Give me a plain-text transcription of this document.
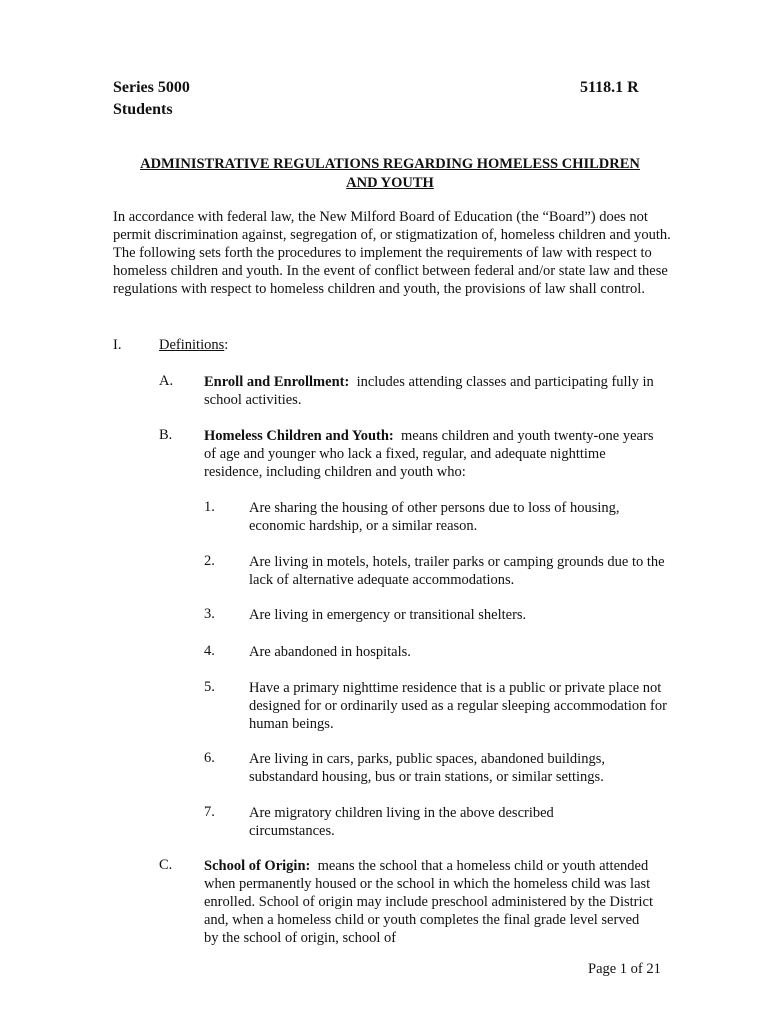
Series 5000
Students
5118.1 R
ADMINISTRATIVE REGULATIONS REGARDING HOMELESS CHILDREN
AND YOUTH

In accordance with federal law, the New Milford Board of Education (the “Board”) does not permit discrimination against, segregation of, or stigmatization of, homeless children and youth. The following sets forth the procedures to implement the requirements of law with respect to homeless children and youth. In the event of conflict between federal and/or state law and these regulations with respect to homeless children and youth, the provisions of law shall control.

I.	Definitions:
A. Enroll and Enrollment: includes attending classes and participating fully in school activities.

B. Homeless Children and Youth: means children and youth twenty-one years of age and younger who lack a fixed, regular, and adequate nighttime residence, including children and youth who:

1. Are sharing the housing of other persons due to loss of housing, economic hardship, or a similar reason.

2. Are living in motels, hotels, trailer parks or camping grounds due to the lack of alternative adequate accommodations.

3. Are living in emergency or transitional shelters.

4. Are abandoned in hospitals.

5. Have a primary nighttime residence that is a public or private place not designed for or ordinarily used as a regular sleeping accommodation for human beings.

6. Are living in cars, parks, public spaces, abandoned buildings, substandard housing, bus or train stations, or similar settings.

7. Are migratory children living in the above described circumstances.

C. School of Origin: means the school that a homeless child or youth attended when permanently housed or the school in which the homeless child was last enrolled. School of origin may include preschool administered by the District and, when a homeless child or youth completes the final grade level served by the school of origin, school of

Page 1 of 21
